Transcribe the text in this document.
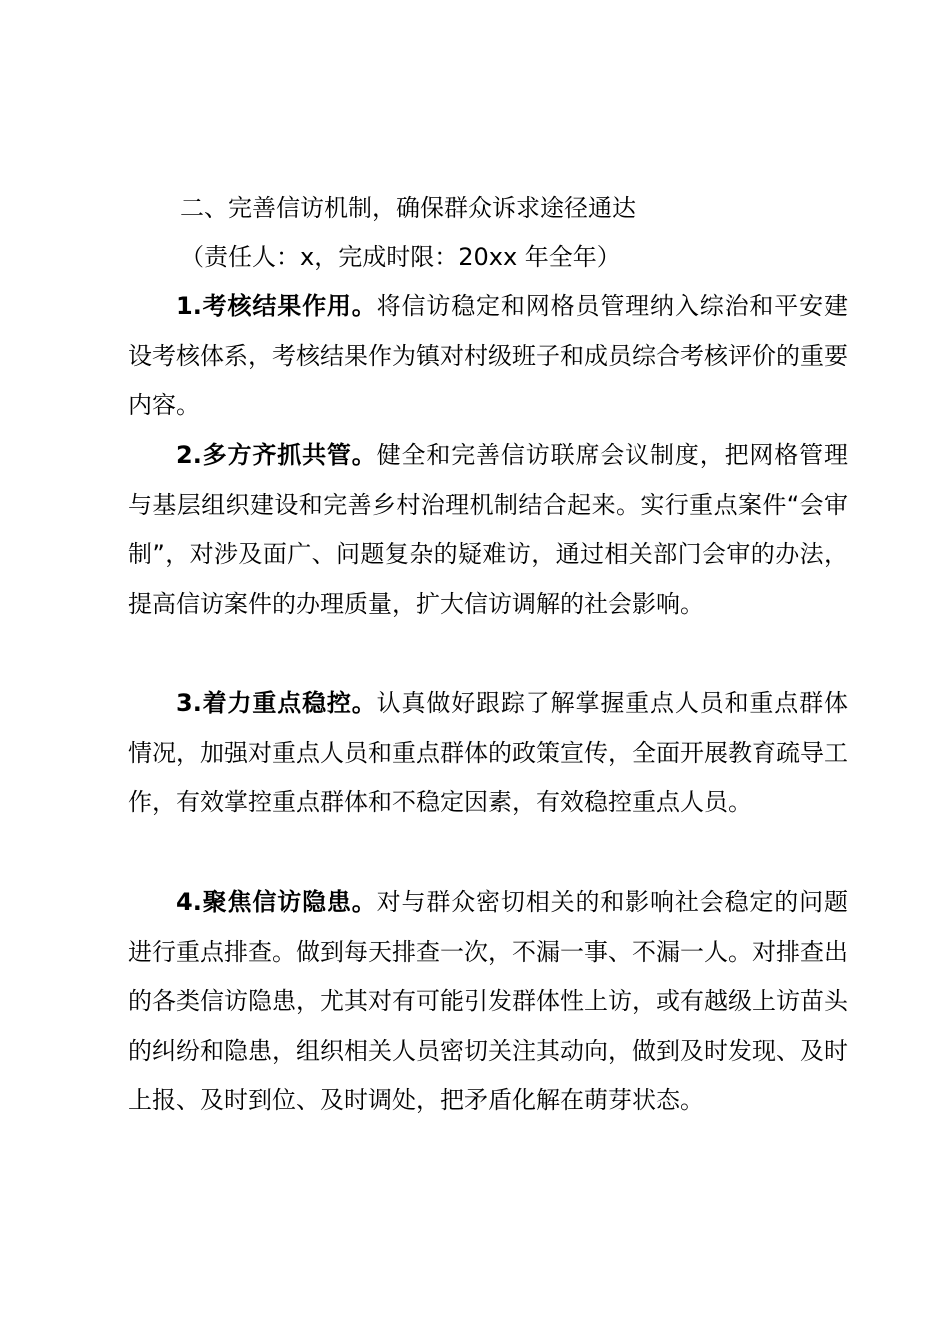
二、完善信访机制，确保群众诉求途径通达
（责任人：x，完成时限：20xx 年全年）

1.考核结果作用。将信访稳定和网格员管理纳入综治和平安建设考核体系，考核结果作为镇对村级班子和成员综合考核评价的重要内容。

2.多方齐抓共管。健全和完善信访联席会议制度，把网格管理与基层组织建设和完善乡村治理机制结合起来。实行重点案件“会审制”，对涉及面广、问题复杂的疑难访，通过相关部门会审的办法，提高信访案件的办理质量，扩大信访调解的社会影响。

3.着力重点稳控。认真做好跟踪了解掌握重点人员和重点群体情况，加强对重点人员和重点群体的政策宣传，全面开展教育疏导工作，有效掌控重点群体和不稳定因素，有效稳控重点人员。

4.聚焦信访隐患。对与群众密切相关的和影响社会稳定的问题进行重点排查。做到每天排查一次，不漏一事、不漏一人。对排查出的各类信访隐患，尤其对有可能引发群体性上访，或有越级上访苗头的纠纷和隐患，组织相关人员密切关注其动向，做到及时发现、及时上报、及时到位、及时调处，把矛盾化解在萌芽状态。
